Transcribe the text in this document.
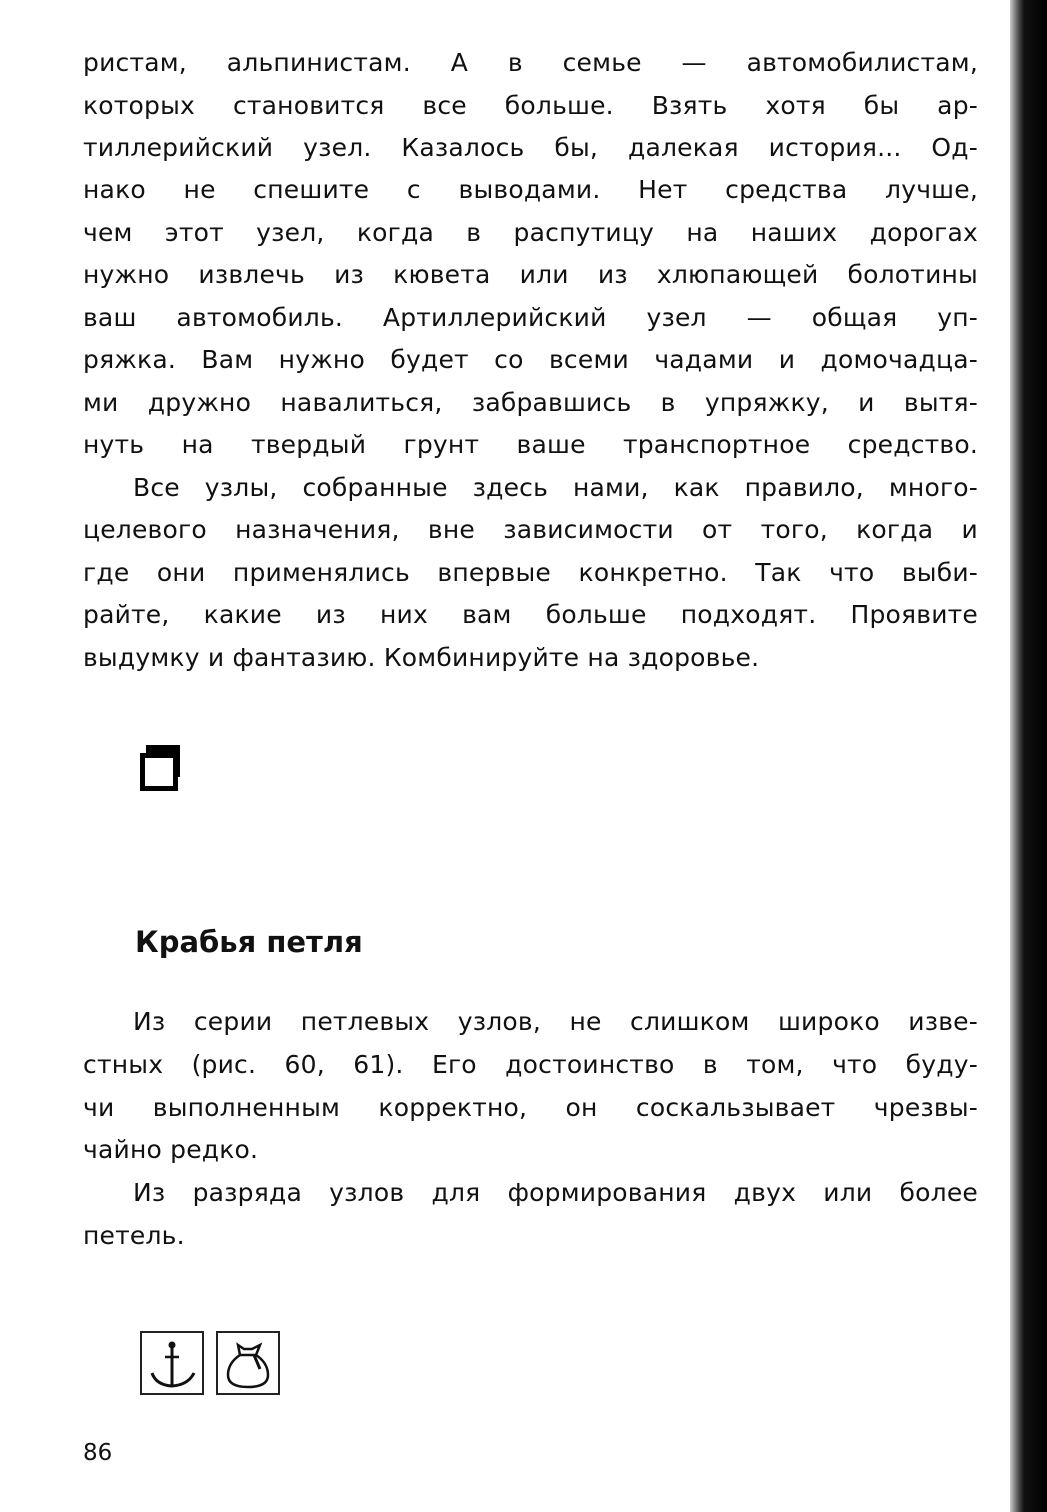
ристам, альпинистам. А в семье — автомобилистам,
которых становится все больше. Взять хотя бы ар-
тиллерийский узел. Казалось бы, далекая история... Од-
нако не спешите с выводами. Нет средства лучше,
чем этот узел, когда в распутицу на наших дорогах
нужно извлечь из кювета или из хлюпающей болотины
ваш автомобиль. Артиллерийский узел — общая уп-
ряжка. Вам нужно будет со всеми чадами и домочадца-
ми дружно навалиться, забравшись в упряжку, и вытя-
нуть на твердый грунт ваше транспортное средство.
Все узлы, собранные здесь нами, как правило, много-
целевого назначения, вне зависимости от того, когда и
где они применялись впервые конкретно. Так что выби-
райте, какие из них вам больше подходят. Проявите
выдумку и фантазию. Комбинируйте на здоровье.
Крабья петля
Из серии петлевых узлов, не слишком широко изве-
стных (рис. 60, 61). Его достоинство в том, что буду-
чи выполненным корректно, он соскальзывает чрезвы-
чайно редко.
Из разряда узлов для формирования двух или более
петель.
86
